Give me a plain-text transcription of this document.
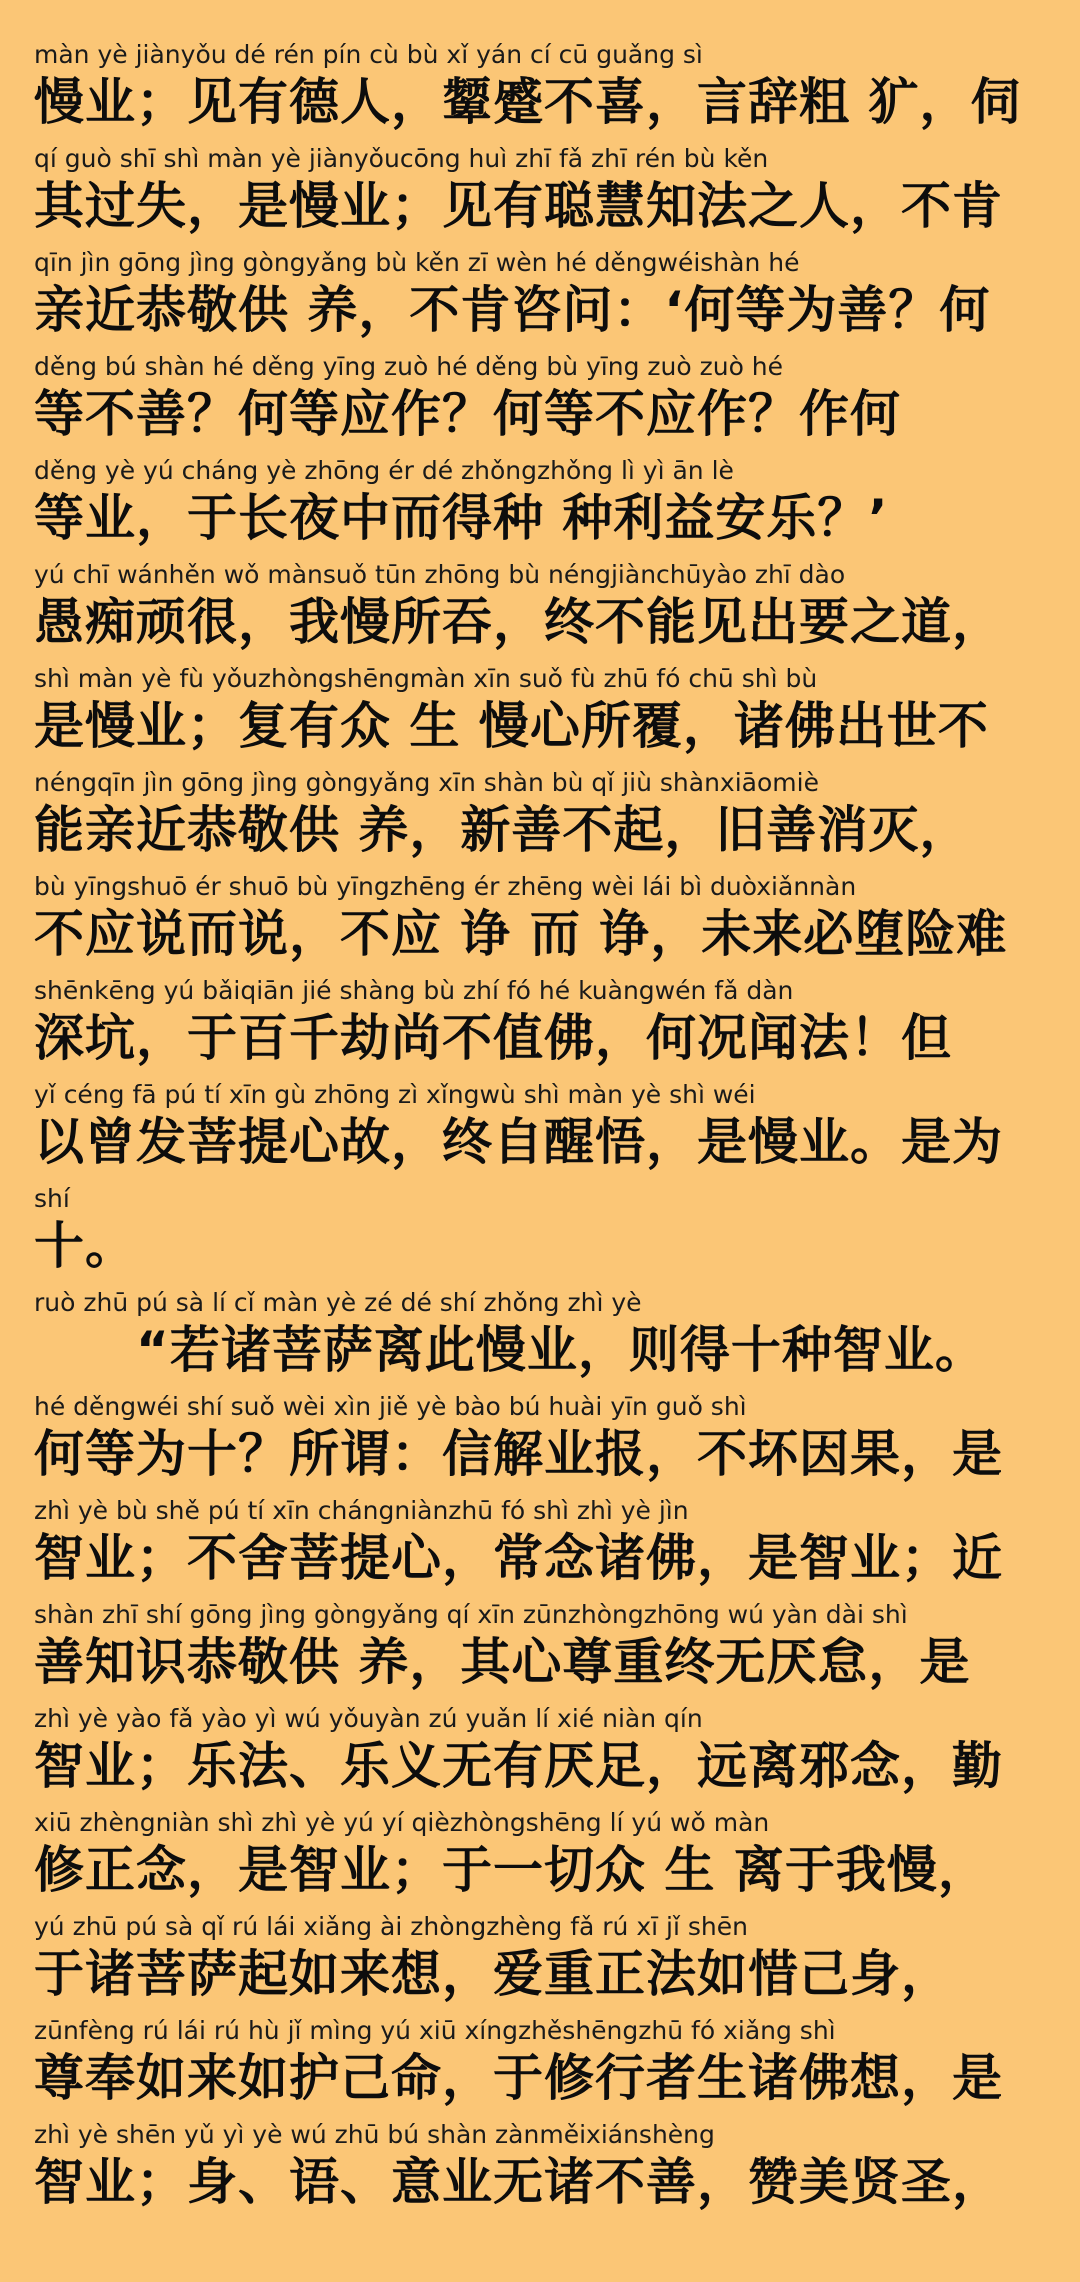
màn yè jiànyǒu dé rén pín cù bù xǐ yán cí cū guǎng sì
慢业；见有德人，颦蹙不喜，言辞粗 犷，伺
qí guò shī shì màn yè jiànyǒucōng huì zhī fǎ zhī rén bù kěn
其过失，是慢业；见有聪慧知法之人，不肯
qīn jìn gōng jìng gòngyǎng bù kěn zī wèn hé děngwéishàn hé
亲近恭敬供 养，不肯咨问：‘何等为善？何
děng bú shàn hé děng yīng zuò hé děng bù yīng zuò zuò hé
等不善？何等应作？何等不应作？作何
děng yè yú cháng yè zhōng ér dé zhǒngzhǒng lì yì ān lè
等业，于长夜中而得种 种利益安乐？’
yú chī wánhěn wǒ mànsuǒ tūn zhōng bù néngjiànchūyào zhī dào
愚痴顽很，我慢所吞，终不能见出要之道，
shì màn yè fù yǒuzhòngshēngmàn xīn suǒ fù zhū fó chū shì bù
是慢业；复有众 生 慢心所覆，诸佛出世不
néngqīn jìn gōng jìng gòngyǎng xīn shàn bù qǐ jiù shànxiāomiè
能亲近恭敬供 养，新善不起，旧善消灭，
bù yīngshuō ér shuō bù yīngzhēng ér zhēng wèi lái bì duòxiǎnnàn
不应说而说，不应 诤 而 诤，未来必堕险难
shēnkēng yú bǎiqiān jié shàng bù zhí fó hé kuàngwén fǎ dàn
深坑，于百千劫尚不值佛，何况闻法！但
yǐ céng fā pú tí xīn gù zhōng zì xǐngwù shì màn yè shì wéi
以曾发菩提心故，终自醒悟，是慢业。是为
shí
十。
ruò zhū pú sà lí cǐ màn yè zé dé shí zhǒng zhì yè
　　“若诸菩萨离此慢业，则得十种智业。
hé děngwéi shí suǒ wèi xìn jiě yè bào bú huài yīn guǒ shì
何等为十？所谓：信解业报，不坏因果，是
zhì yè bù shě pú tí xīn chángniànzhū fó shì zhì yè jìn
智业；不舍菩提心，常念诸佛，是智业；近
shàn zhī shí gōng jìng gòngyǎng qí xīn zūnzhòngzhōng wú yàn dài shì
善知识恭敬供 养，其心尊重终无厌怠，是
zhì yè yào fǎ yào yì wú yǒuyàn zú yuǎn lí xié niàn qín
智业；乐法、乐义无有厌足，远离邪念，勤
xiū zhèngniàn shì zhì yè yú yí qièzhòngshēng lí yú wǒ màn
修正念，是智业；于一切众 生 离于我慢，
yú zhū pú sà qǐ rú lái xiǎng ài zhòngzhèng fǎ rú xī jǐ shēn
于诸菩萨起如来想，爱重正法如惜己身，
zūnfèng rú lái rú hù jǐ mìng yú xiū xíngzhěshēngzhū fó xiǎng shì
尊奉如来如护己命，于修行者生诸佛想，是
zhì yè shēn yǔ yì yè wú zhū bú shàn zànměixiánshèng
智业；身、语、意业无诸不善，赞美贤圣，
